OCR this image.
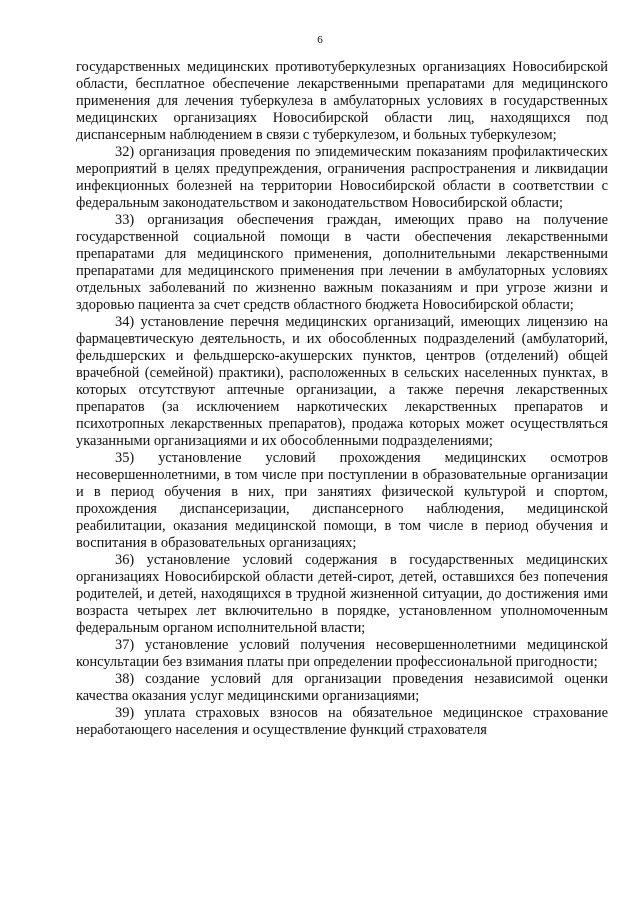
6

государственных медицинских противотуберкулезных организациях Новосибирской области, бесплатное обеспечение лекарственными препаратами для медицинского применения для лечения туберкулеза в амбулаторных условиях в государственных медицинских организациях Новосибирской области лиц, находящихся под диспансерным наблюдением в связи с туберкулезом, и больных туберкулезом;

32) организация проведения по эпидемическим показаниям профилактических мероприятий в целях предупреждения, ограничения распространения и ликвидации инфекционных болезней на территории Новосибирской области в соответствии с федеральным законодательством и законодательством Новосибирской области;

33) организация обеспечения граждан, имеющих право на получение государственной социальной помощи в части обеспечения лекарственными препаратами для медицинского применения, дополнительными лекарственными препаратами для медицинского применения при лечении в амбулаторных условиях отдельных заболеваний по жизненно важным показаниям и при угрозе жизни и здоровью пациента за счет средств областного бюджета Новосибирской области;

34) установление перечня медицинских организаций, имеющих лицензию на фармацевтическую деятельность, и их обособленных подразделений (амбулаторий, фельдшерских и фельдшерско-акушерских пунктов, центров (отделений) общей врачебной (семейной) практики), расположенных в сельских населенных пунктах, в которых отсутствуют аптечные организации, а также перечня лекарственных препаратов (за исключением наркотических лекарственных препаратов и психотропных лекарственных препаратов), продажа которых может осуществляться указанными организациями и их обособленными подразделениями;

35) установление условий прохождения медицинских осмотров несовершеннолетними, в том числе при поступлении в образовательные организации и в период обучения в них, при занятиях физической культурой и спортом, прохождения диспансеризации, диспансерного наблюдения, медицинской реабилитации, оказания медицинской помощи, в том числе в период обучения и воспитания в образовательных организациях;

36) установление условий содержания в государственных медицинских организациях Новосибирской области детей-сирот, детей, оставшихся без попечения родителей, и детей, находящихся в трудной жизненной ситуации, до достижения ими возраста четырех лет включительно в порядке, установленном уполномоченным федеральным органом исполнительной власти;

37) установление условий получения несовершеннолетними медицинской консультации без взимания платы при определении профессиональной пригодности;

38) создание условий для организации проведения независимой оценки качества оказания услуг медицинскими организациями;

39) уплата страховых взносов на обязательное медицинское страхование неработающего населения и осуществление функций страхователя
